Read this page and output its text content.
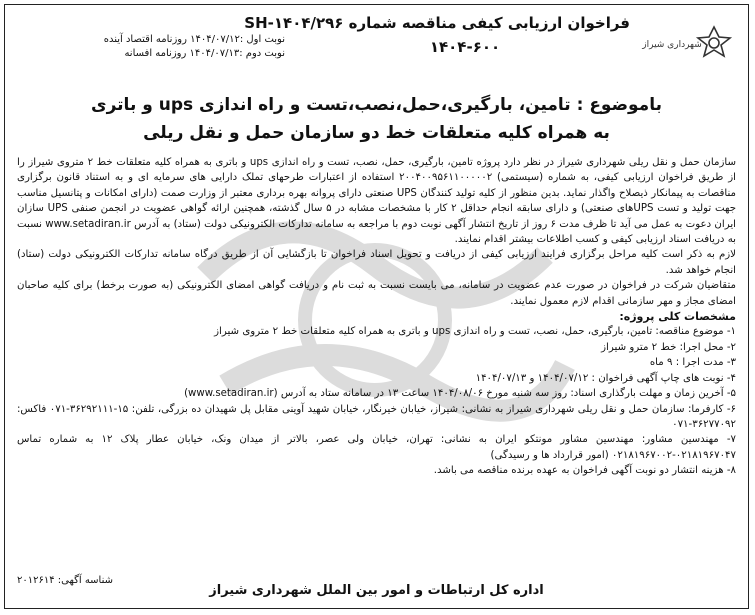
شهرداری شیراز
فراخوان ارزیابی کیفی مناقصه شماره SH-۱۴۰۴/۲۹۶
۱۴۰۴-۶۰۰
نوبت اول :۱۴۰۴/۰۷/۱۲ روزنامه اقتصاد آینده
نوبت دوم :۱۴۰۴/۰۷/۱۳ روزنامه افسانه
باموضوع : تامین، بارگیری،حمل،نصب،تست و راه اندازی ups و باتری
به همراه کلیه متعلقات خط دو سازمان حمل و نقل ریلی

سازمان حمل و نقل ریلی شهرداری شیراز در نظر دارد پروژه تامین، بارگیری، حمل، نصب، تست و راه اندازی ups و باتری به همراه کلیه متعلقات خط ۲ متروی شیراز را از طریق فراخوان ارزیابی کیفی، به شماره (سیستمی) ۲۰۰۴۰۰۹۵۶۱۱۰۰۰۰۰۲ استفاده از اعتبارات طرحهای تملک دارایی های سرمایه ای و به استناد قانون برگزاری مناقصات به پیمانکار ذیصلاح واگذار نماید. بدین منظور از کلیه تولید کنندگان UPS صنعتی دارای پروانه بهره برداری معتبر از وزارت صمت (دارای امکانات و پتانسیل مناسب جهت تولید و تست UPSهای صنعتی) و دارای سابقه انجام حداقل ۲ کار با مشخصات مشابه در ۵ سال گذشته، همچنین ارائه گواهی عضویت در انجمن صنفی UPS سازان ایران دعوت به عمل می آید تا ظرف مدت ۶ روز از تاریخ انتشار آگهی نوبت دوم با مراجعه به سامانه تدارکات الکترونیکی دولت (ستاد) به آدرس www.setadiran.ir نسبت به دریافت اسناد ارزیابی کیفی و کسب اطلاعات بیشتر اقدام نمایند.

لازم به ذکر است کلیه مراحل برگزاری فرایند ارزیابی کیفی از دریافت و تحویل اسناد فراخوان تا بازگشایی آن از طریق درگاه سامانه تدارکات الکترونیکی دولت (ستاد) انجام خواهد شد.

متقاضیان شرکت در فراخوان در صورت عدم عضویت در سامانه، می بایست نسبت به ثبت نام و دریافت گواهی امضای الکترونیکی (به صورت برخط) برای کلیه صاحبان امضای مجاز و مهر سازمانی اقدام لازم معمول نمایند.

مشخصات کلی پروژه:

۱- موضوع مناقصه: تامین، بارگیری، حمل، نصب، تست و راه اندازی ups و باتری به همراه کلیه متعلقات خط ۲ متروی شیراز

۲- محل اجرا: خط ۲ مترو شیراز

۳- مدت اجرا : ۹ ماه

۴- نوبت های چاپ آگهی فراخوان : ۱۴۰۴/۰۷/۱۲ و ۱۴۰۴/۰۷/۱۳

۵- آخرین زمان و مهلت بارگذاری اسناد: روز سه شنبه مورخ ۱۴۰۴/۰۸/۰۶ ساعت ۱۳ در سامانه ستاد به آدرس (www.setadiran.ir)

۶- کارفرما: سازمان حمل و نقل ریلی شهرداری شیراز به نشانی: شیراز، خیابان خیرنگار، خیابان شهید آوینی مقابل پل شهیدان ده بزرگی، تلفن: ۱۵-۳۶۲۹۲۱۱۱-۰۷۱ فاکس: ۳۶۲۷۷۰۹۲-۰۷۱

۷- مهندسین مشاور: مهندسین مشاور مونتکو ایران به نشانی: تهران، خیابان ولی عصر، بالاتر از میدان ونک، خیابان عطار پلاک ۱۲ به شماره تماس ۰۲۱۸۱۹۶۷۰۴۷-۰۲۱۸۱۹۶۷۰۰۲ (امور قرارداد ها و رسیدگی)

۸- هزینه انتشار دو نوبت آگهی فراخوان به عهده برنده مناقصه می باشد.

شناسه آگهی: ۲۰۱۲۶۱۴
اداره کل ارتباطات و امور بین الملل شهرداری شیراز
